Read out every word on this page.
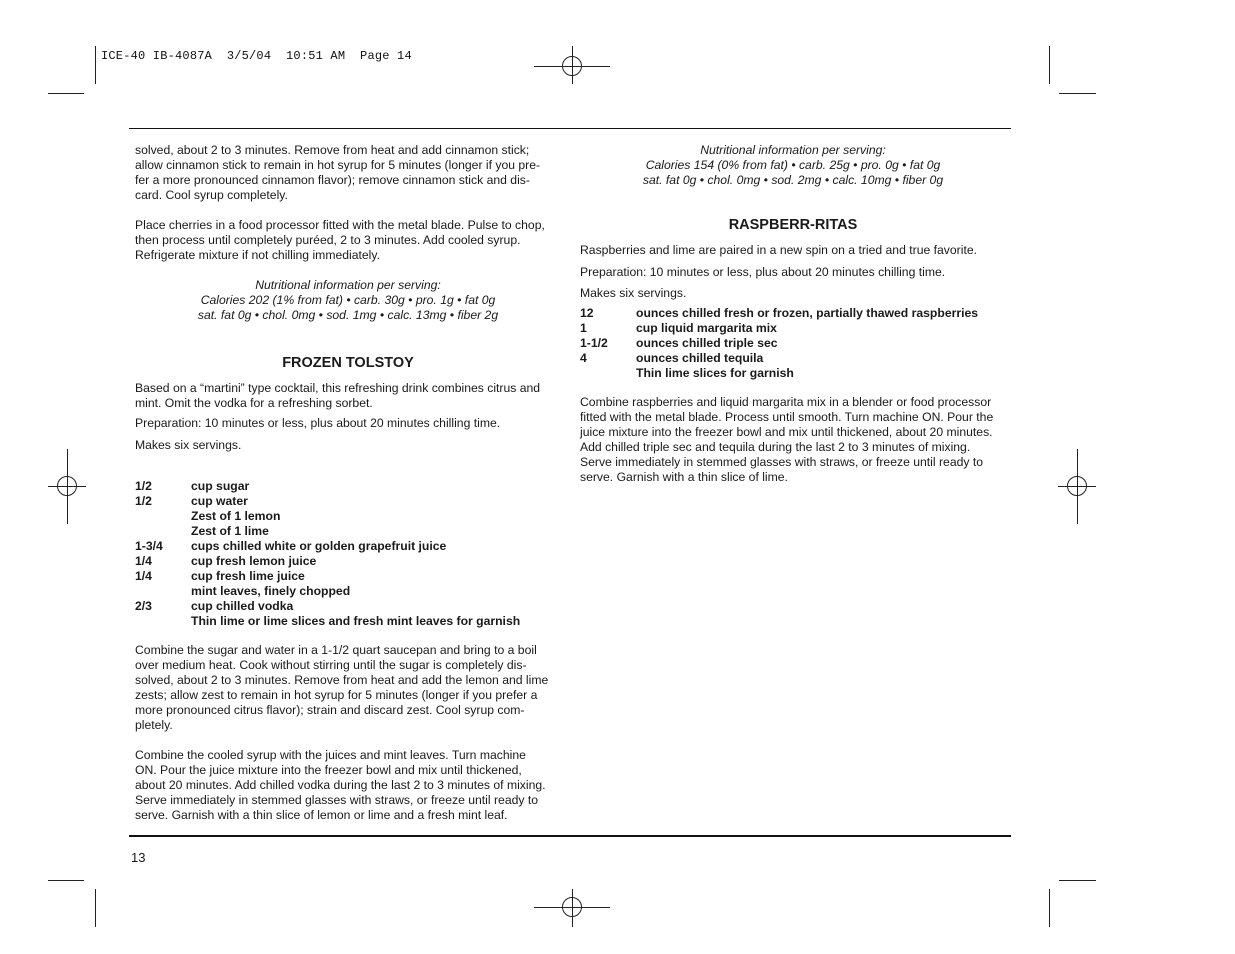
ICE-40 IB-4087A  3/5/04  10:51 AM  Page 14
solved, about 2 to 3 minutes. Remove from heat and add cinnamon stick;
allow cinnamon stick to remain in hot syrup for 5 minutes (longer if you pre-
fer a more pronounced cinnamon flavor); remove cinnamon stick and dis-
card. Cool syrup completely.
Place cherries in a food processor fitted with the metal blade. Pulse to chop,
then process until completely puréed, 2 to 3 minutes. Add cooled syrup.
Refrigerate mixture if not chilling immediately.
Nutritional information per serving:
Calories 202 (1% from fat) • carb. 30g • pro. 1g • fat 0g
sat. fat 0g • chol. 0mg • sod. 1mg • calc. 13mg • fiber 2g
FROZEN TOLSTOY
Based on a “martini” type cocktail, this refreshing drink combines citrus and
mint. Omit the vodka for a refreshing sorbet.
Preparation: 10 minutes or less, plus about 20 minutes chilling time.
Makes six servings.
1/2	cup sugar
1/2	cup water
Zest of 1 lemon
Zest of 1 lime
1-3/4	cups chilled white or golden grapefruit juice
1/4	cup fresh lemon juice
1/4	cup fresh lime juice
mint leaves, finely chopped
2/3	cup chilled vodka
Thin lime or lime slices and fresh mint leaves for garnish
Combine the sugar and water in a 1-1/2 quart saucepan and bring to a boil
over medium heat. Cook without stirring until the sugar is completely dis-
solved, about 2 to 3 minutes. Remove from heat and add the lemon and lime
zests; allow zest to remain in hot syrup for 5 minutes (longer if you prefer a
more pronounced citrus flavor); strain and discard zest. Cool syrup com-
pletely.
Combine the cooled syrup with the juices and mint leaves. Turn machine
ON. Pour the juice mixture into the freezer bowl and mix until thickened,
about 20 minutes. Add chilled vodka during the last 2 to 3 minutes of mixing.
Serve immediately in stemmed glasses with straws, or freeze until ready to
serve. Garnish with a thin slice of lemon or lime and a fresh mint leaf.
13
Nutritional information per serving:
Calories 154 (0% from fat) • carb. 25g • pro. 0g • fat 0g
sat. fat 0g • chol. 0mg • sod. 2mg • calc. 10mg • fiber 0g
RASPBERR-RITAS
Raspberries and lime are paired in a new spin on a tried and true favorite.
Preparation: 10 minutes or less, plus about 20 minutes chilling time.
Makes six servings.
12	ounces chilled fresh or frozen, partially thawed raspberries
1	cup liquid margarita mix
1-1/2	ounces chilled triple sec
4	ounces chilled tequila
Thin lime slices for garnish
Combine raspberries and liquid margarita mix in a blender or food processor
fitted with the metal blade. Process until smooth. Turn machine ON. Pour the
juice mixture into the freezer bowl and mix until thickened, about 20 minutes.
Add chilled triple sec and tequila during the last 2 to 3 minutes of mixing.
Serve immediately in stemmed glasses with straws, or freeze until ready to
serve. Garnish with a thin slice of lime.
